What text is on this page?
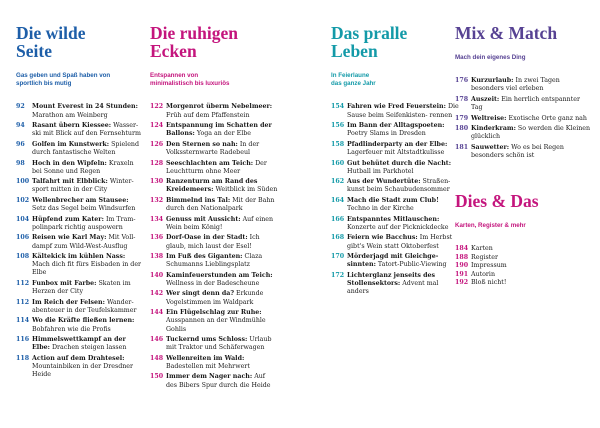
Die wilde
Seite
Gas geben und Spaß haben von
sportlich bis mutig
92	Mount Everest in 24 Stunden: Marathon am Weinberg
94	Rasant übern Kiessee: Wasser- ski mit Blick auf den Fernsehturm
96	Golfen im Kunstwerk: Spielend durch fantastische Welten
98	Hoch in den Wipfeln: Kraxeln bei Sonne und Regen
100 Talfahrt mit Elbblick: Winter- sport mitten in der City
102 Wellenbrecher am Stausee: Setz das Segel beim Windsurfen
104 Hüpfend zum Kater: Im Tram- polinpark richtig auspowern
106 Reisen wie Karl May: Mit Voll- dampf zum Wild-West-Ausflug
108 Kältekick im kühlen Nass: Mach dich fit fürs Eisbaden in der Elbe
112 Funbox mit Farbe: Skaten im Herzen der City
112 Im Reich der Felsen: Wander- abenteuer in der Teufelskammer
114 Wo die Kräfte fließen lernen: Bobfahren wie die Profis
116 Himmelswettkampf an der Elbe: Drachen steigen lassen
118 Action auf dem Drahtesel: Mountainbiken in der Dresdner Heide
Die ruhigen
Ecken
Entspannen von
minimalistisch bis luxuriös
122 Morgenrot überm Nebelmeer: Früh auf dem Pfaffenstein
124 Entspannung im Schatten der Ballons: Yoga an der Elbe
126 Den Sternen so nah: In der Volkssternwarte Radebeul
128 Seeschlachten am Teich: Der Leuchtturm ohne Meer
130 Ranzenturm am Rand des Kreidemeers: Weitblick im Süden
132 Bimmelnd ins Tal: Mit der Bahn durch den Nationalpark
134 Genuss mit Aussicht: Auf einen Wein beim König!
136 Dorf-Oase in der Stadt: Ich glaub, mich laust der Esel!
138 Im Fuß des Giganten: Claza Schumanns Lieblingsplatz
140 Kaminfeuerstunden am Teich: Wellness in der Badescheune
142 Wer singt denn da? Erkunde Vogelstimmen im Waldpark
144 Ein Flügelschlag zur Ruhe: Ausspannen an der Windmühle Gohlis
146 Tuckernd ums Schloss: Urlaub mit Traktor und Schäferwagen
148 Wellenreiten im Wald: Badestellen mit Mehrwert
150 Immer dem Nager nach: Auf des Bibers Spur durch die Heide
Das pralle
Leben
In Feierlaune
das ganze Jahr
154 Fahren wie Fred Feuerstein: Die Sause beim Seifenkisten- rennen
156 Im Bann der Alltagspoeten: Poetry Slams in Dresden
158 Pfadlinderparty an der Elbe: Lagerfeuer mit Altstadtkulisse
160 Gut behütet durch die Nacht: Hutball im Parkhotel
162 Aus der Wundertüte: Straßen- kunst beim Schaubudensommer
164 Mach die Stadt zum Club! Techno in der Kirche
166 Entspanntes Mitlauschen: Konzerte auf der Picknickdecke
168 Feiern wie Bacchus: Im Herbst gibt's Wein statt Oktoberfest
170 Mörderjagd mit Gleichge- sinnten: Tatort-Public-Viewing
172 Lichterglanz jenseits des Stollensektors: Advent mal anders
Mix & Match
Mach dein eigenes Ding
176 Kurzurlaub: In zwei Tagen besonders viel erleben
178 Auszeit: Ein herrlich entspannter Tag
179 Weltreise: Exotische Orte ganz nah
180 Kinderkram: So werden die Kleinen glücklich
181 Sauwetter: Wo es bei Regen besonders schön ist
Dies & Das
Karten, Register & mehr
184 Karten
188 Register
190 Impressum
191 Autorin
192 Bloß nicht!
